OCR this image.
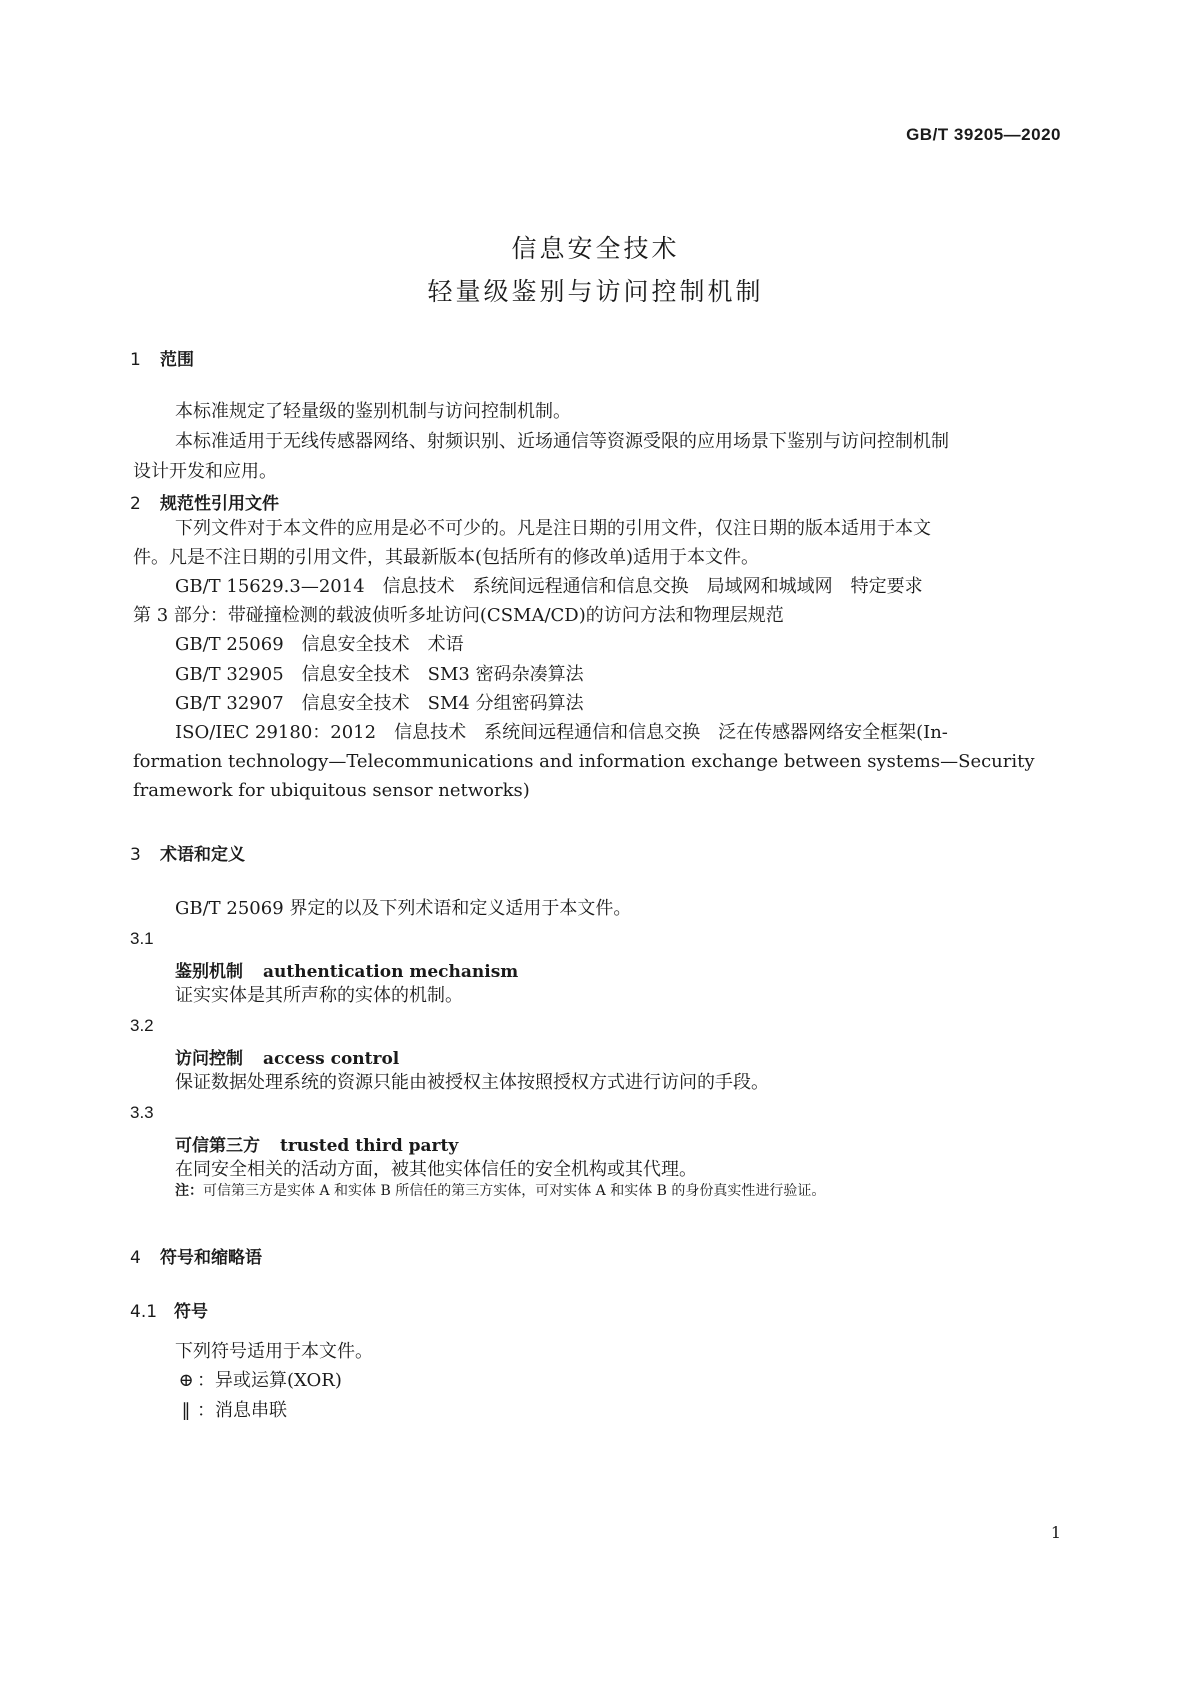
GB/T 39205—2020
信息安全技术
轻量级鉴别与访问控制机制
1 范围
本标准规定了轻量级的鉴别机制与访问控制机制。
本标准适用于无线传感器网络、射频识别、近场通信等资源受限的应用场景下鉴别与访问控制机制
设计开发和应用。
2 规范性引用文件
下列文件对于本文件的应用是必不可少的。凡是注日期的引用文件，仅注日期的版本适用于本文
件。凡是不注日期的引用文件，其最新版本(包括所有的修改单)适用于本文件。
GB/T 15629.3—2014　信息技术　系统间远程通信和信息交换　局域网和城域网　特定要求
第 3 部分：带碰撞检测的载波侦听多址访问(CSMA/CD)的访问方法和物理层规范
GB/T 25069　信息安全技术　术语
GB/T 32905　信息安全技术　SM3 密码杂凑算法
GB/T 32907　信息安全技术　SM4 分组密码算法
ISO/IEC 29180：2012　信息技术　系统间远程通信和信息交换　泛在传感器网络安全框架(In-
formation technology—Telecommunications and information exchange between systems—Security
framework for ubiquitous sensor networks)
3 术语和定义
GB/T 25069 界定的以及下列术语和定义适用于本文件。
3.1
鉴别机制 authentication mechanism
证实实体是其所声称的实体的机制。
3.2
访问控制 access control
保证数据处理系统的资源只能由被授权主体按照授权方式进行访问的手段。
3.3
可信第三方 trusted third party
在同安全相关的活动方面，被其他实体信任的安全机构或其代理。
注：可信第三方是实体 A 和实体 B 所信任的第三方实体，可对实体 A 和实体 B 的身份真实性进行验证。
4 符号和缩略语
4.1 符号
下列符号适用于本文件。
⊕ ：异或运算(XOR)
‖ ：消息串联
1
